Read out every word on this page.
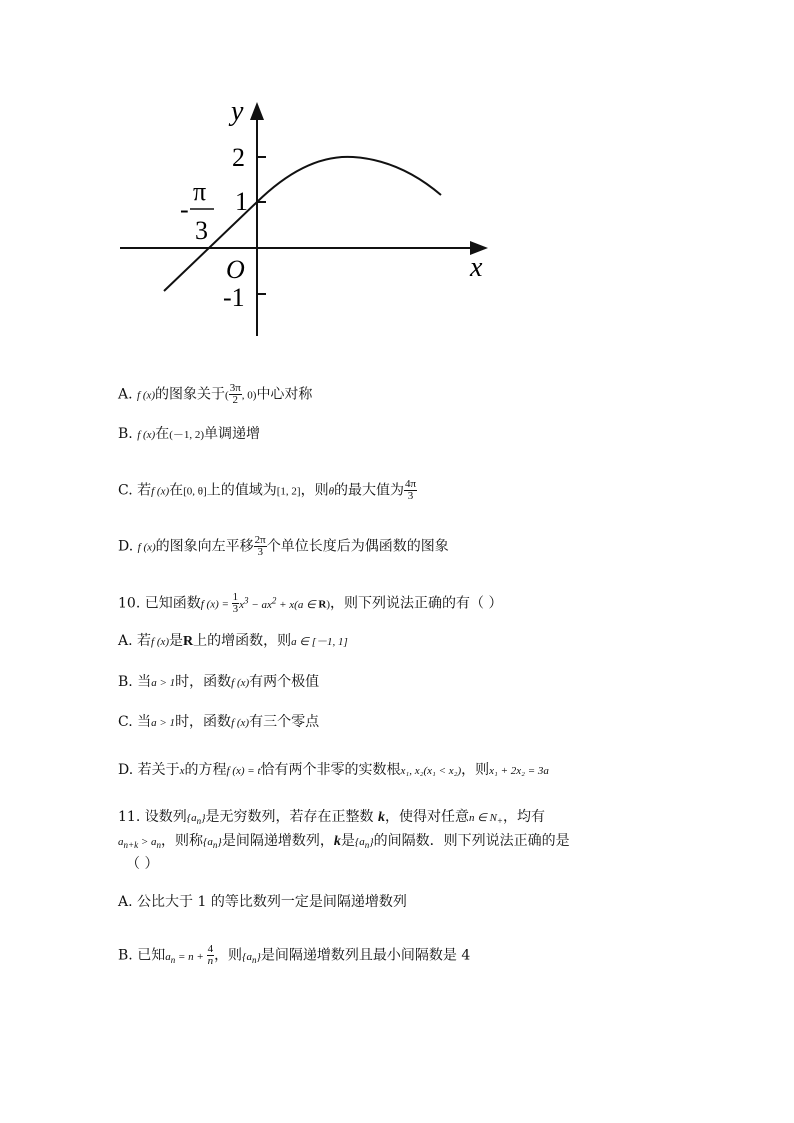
y
x
O
2
1
-1
-
π
3
A. f (x)的图象关于( $\frac{3\pi}{2}$ , 0)中心对称
B. f (x)在(－1, 2)单调递增
C. 若f (x)在[0, θ]上的值域为[1, 2]，则θ的最大值为 $\frac{4\pi}{3}$
D. f (x)的图象向左平移 $\frac{2\pi}{3}$ 个单位长度后为偶函数的图象
10. 已知函数f $(x) = \frac{1}{3} x^3 - ax^2 + x(a$ ∈ R)，则下列说法正确的有（ ）
A. 若f (x)是R上的增函数，则a ∈ [－1, 1]
B. 当a > 1时，函数f (x)有两个极值
C. 当a > 1时，函数f (x)有三个零点
D. 若关于x的方程f (x) = t恰有两个非零的实数根x₁, x₂(x₁ < x₂)，则x₁ + 2x₂ = 3a
11. 设数列$\{a_n\}$是无穷数列，若存在正整数 k，使得对任意n ∈ $N_+$，均有
$a_{n+k} > a_n$，则称$\{a_n\}$是间隔递增数列，k是$\{a_n\}$的间隔数．则下列说法正确的是
（ ）
A. 公比大于 1 的等比数列一定是间隔递增数列
B. 已知$a_n = n + \frac{4}{n}$ ，则$\{a_n\}$是间隔递增数列且最小间隔数是 4
